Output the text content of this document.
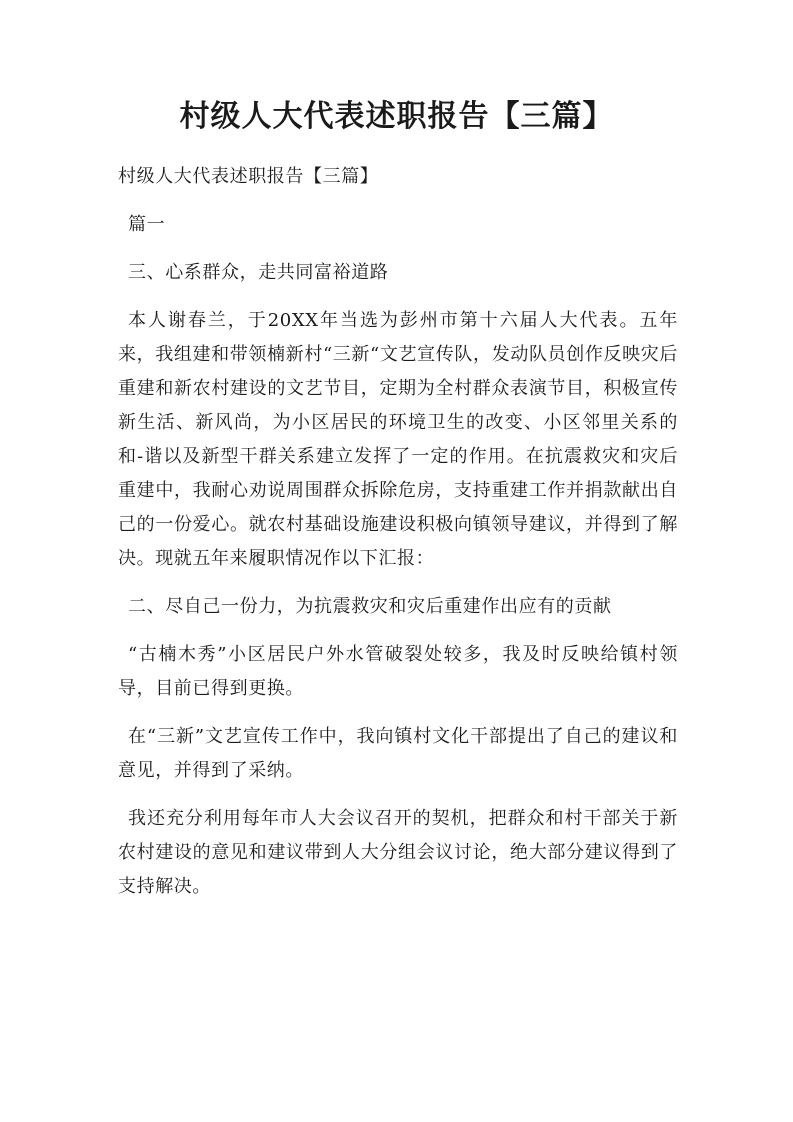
村级人大代表述职报告【三篇】

村级人大代表述职报告【三篇】

篇一

三、心系群众，走共同富裕道路

本人谢春兰，于20XX年当选为彭州市第十六届人大代表。五年来，我组建和带领楠新村“三新“文艺宣传队，发动队员创作反映灾后重建和新农村建设的文艺节目，定期为全村群众表演节目，积极宣传新生活、新风尚，为小区居民的环境卫生的改变、小区邻里关系的和-谐以及新型干群关系建立发挥了一定的作用。在抗震救灾和灾后重建中，我耐心劝说周围群众拆除危房，支持重建工作并捐款献出自己的一份爱心。就农村基础设施建设积极向镇领导建议，并得到了解决。现就五年来履职情况作以下汇报：

二、尽自己一份力，为抗震救灾和灾后重建作出应有的贡献

“古楠木秀”小区居民户外水管破裂处较多，我及时反映给镇村领导，目前已得到更换。

在“三新”文艺宣传工作中，我向镇村文化干部提出了自己的建议和意见，并得到了采纳。

我还充分利用每年市人大会议召开的契机，把群众和村干部关于新农村建设的意见和建议带到人大分组会议讨论，绝大部分建议得到了支持解决。
